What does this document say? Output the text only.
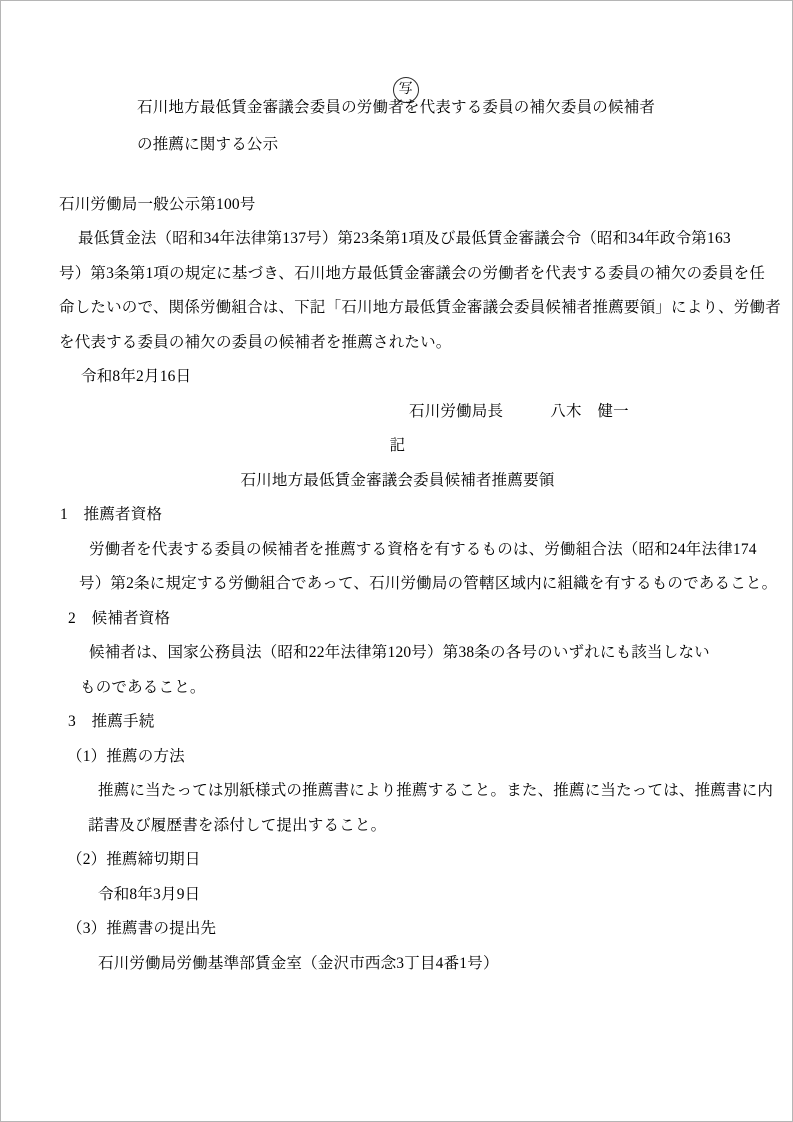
写

石川地方最低賃金審議会委員の労働者を代表する委員の補欠委員の候補者
の推薦に関する公示
石川労働局一般公示第100号
最低賃金法（昭和34年法律第137号）第23条第1項及び最低賃金審議会令（昭和34年政令第163
号）第3条第1項の規定に基づき、石川地方最低賃金審議会の労働者を代表する委員の補欠の委員を任
命したいので、関係労働組合は、下記「石川地方最低賃金審議会委員候補者推薦要領」により、労働者
を代表する委員の補欠の委員の候補者を推薦されたい。
令和8年2月16日
石川労働局長　　　八木　健一
記
石川地方最低賃金審議会委員候補者推薦要領
1　推薦者資格
労働者を代表する委員の候補者を推薦する資格を有するものは、労働組合法（昭和24年法律174
号）第2条に規定する労働組合であって、石川労働局の管轄区域内に組織を有するものであること。
2　候補者資格
候補者は、国家公務員法（昭和22年法律第120号）第38条の各号のいずれにも該当しない
ものであること。
3　推薦手続
（1）推薦の方法
推薦に当たっては別紙様式の推薦書により推薦すること。また、推薦に当たっては、推薦書に内
諾書及び履歴書を添付して提出すること。
（2）推薦締切期日
令和8年3月9日
（3）推薦書の提出先
石川労働局労働基準部賃金室（金沢市西念3丁目4番1号）
